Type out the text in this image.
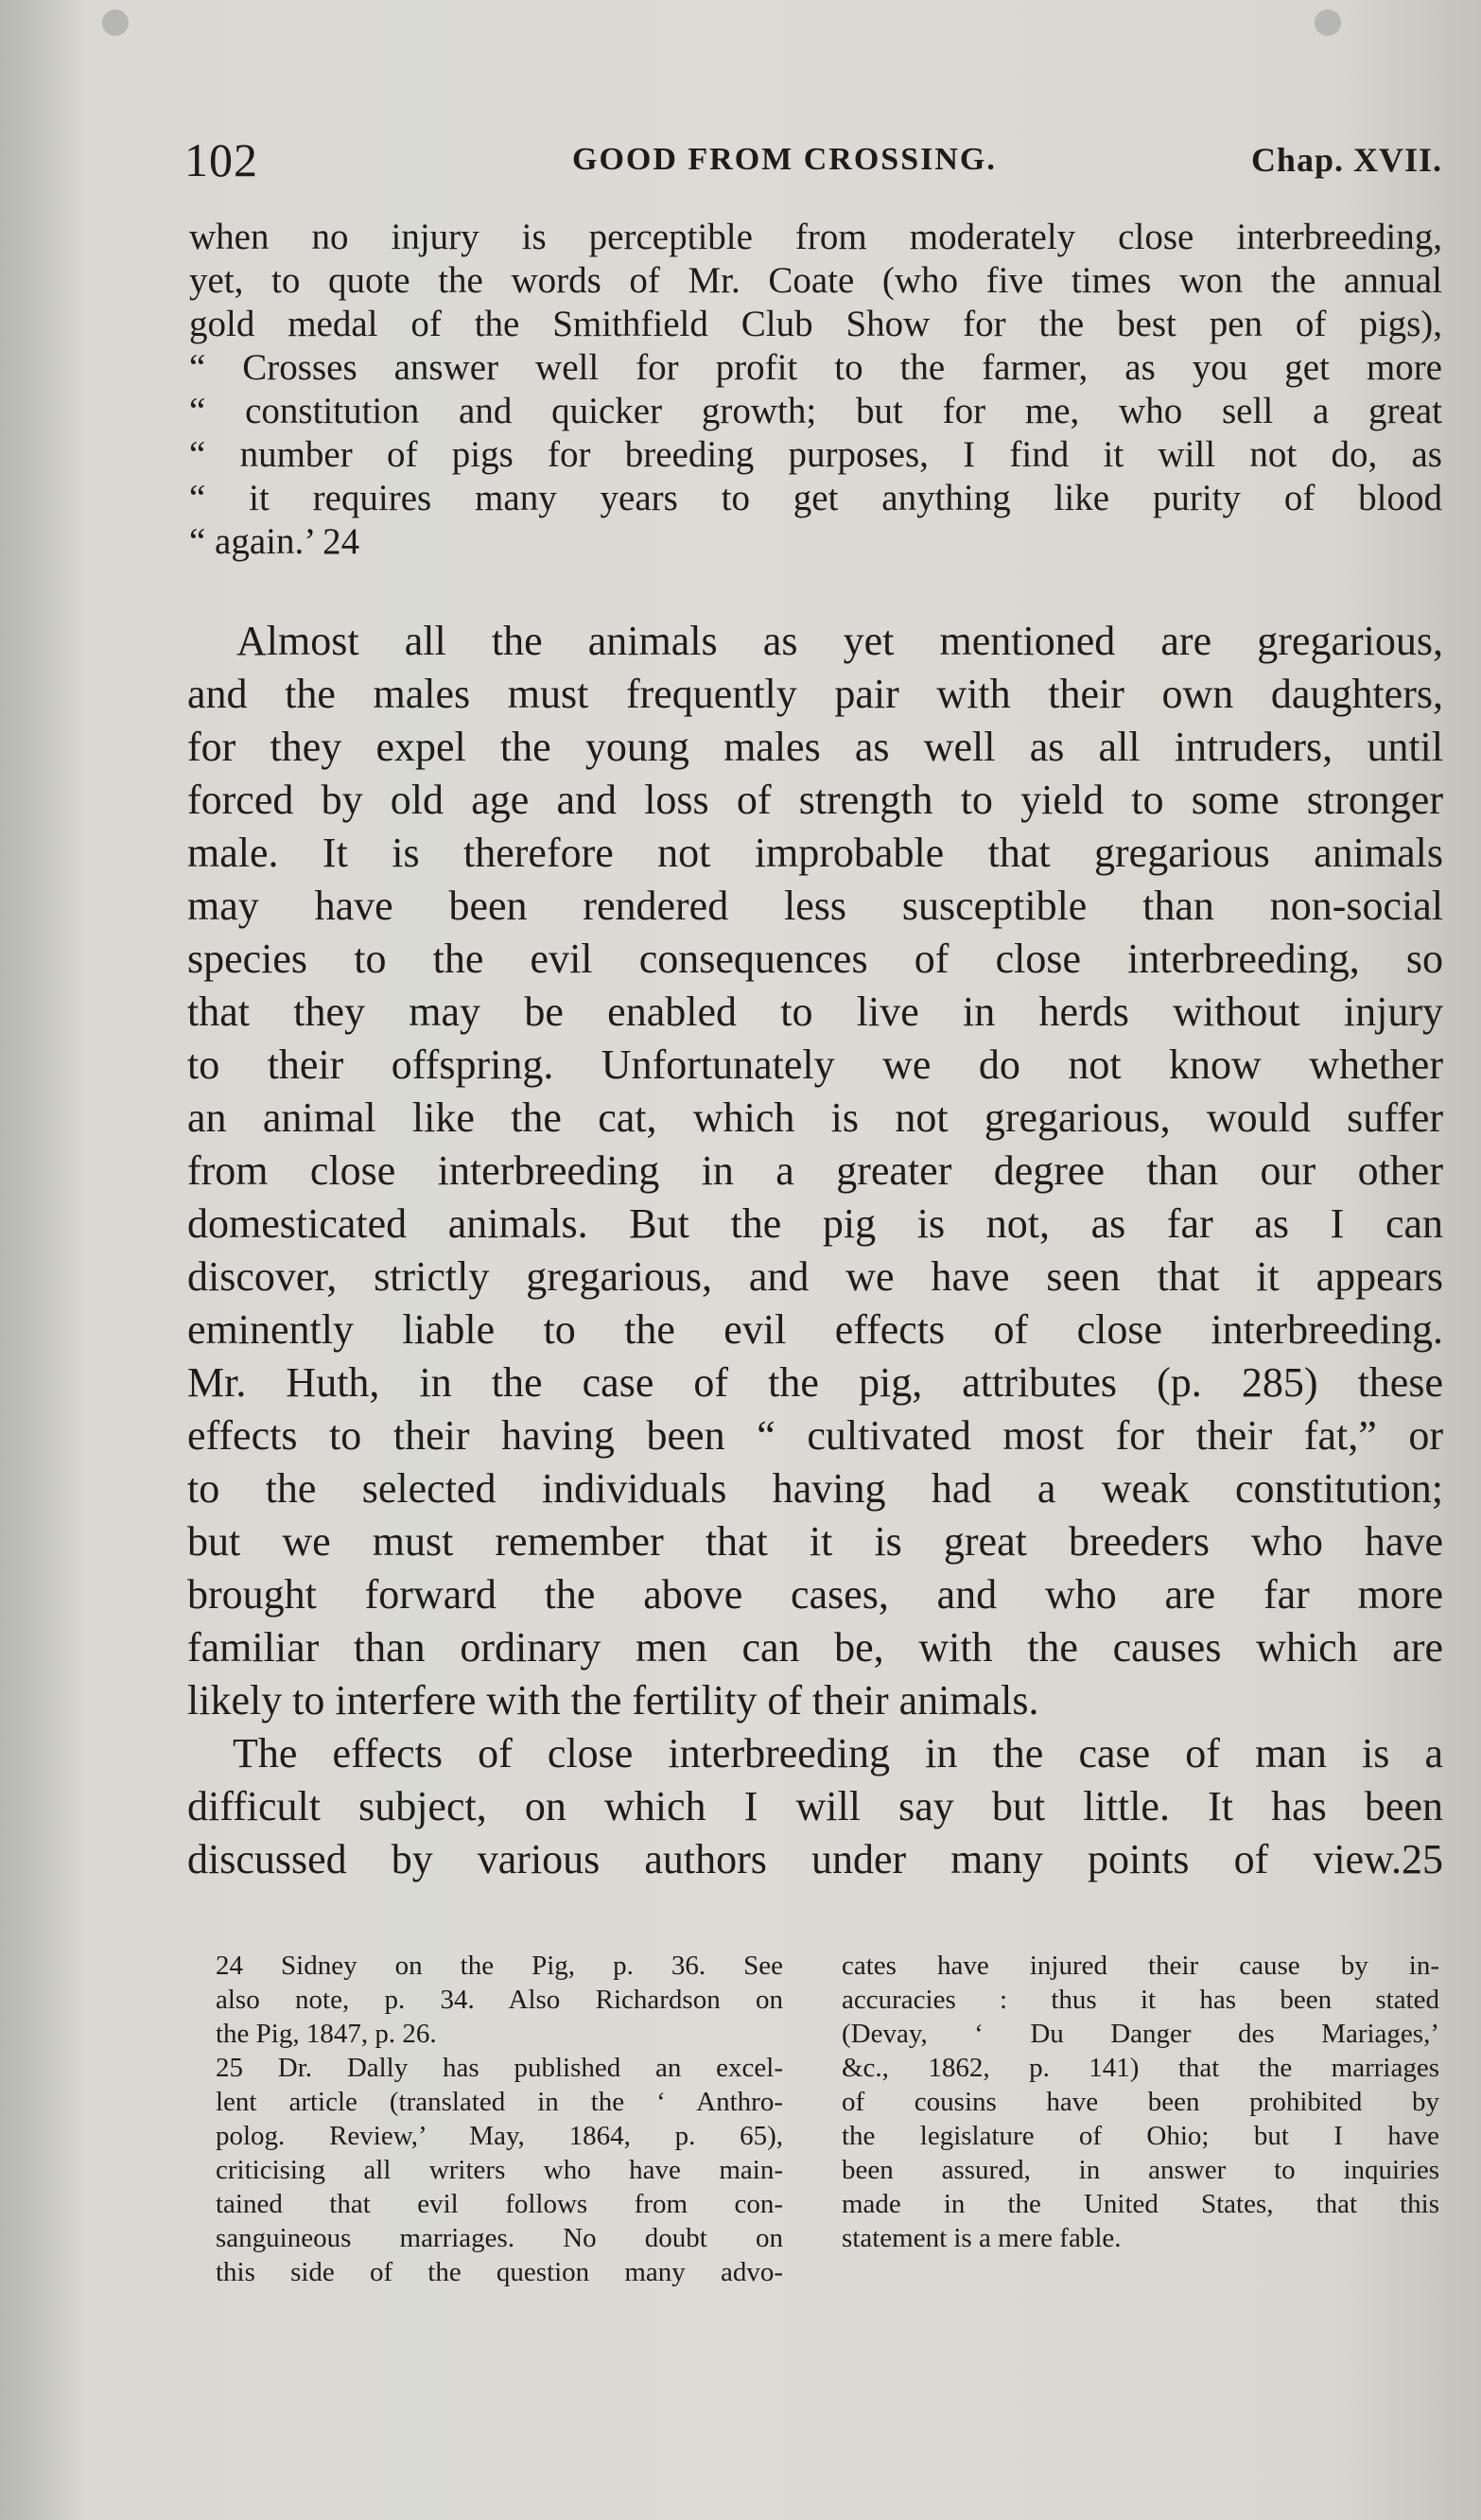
102	GOOD FROM CROSSING.	Chap. XVII.
when no injury is perceptible from moderately close interbreeding,
yet, to quote the words of Mr. Coate (who five times won the annual
gold medal of the Smithfield Club Show for the best pen of pigs),
“ Crosses answer well for profit to the farmer, as you get more
“ constitution and quicker growth; but for me, who sell a great
“ number of pigs for breeding purposes, I find it will not do, as
“ it requires many years to get anything like purity of blood
“ again.’ 24
Almost all the animals as yet mentioned are gregarious,
and the males must frequently pair with their own daughters,
for they expel the young males as well as all intruders, until
forced by old age and loss of strength to yield to some stronger
male. It is therefore not improbable that gregarious animals
may have been rendered less susceptible than non-social
species to the evil consequences of close interbreeding, so
that they may be enabled to live in herds without injury
to their offspring. Unfortunately we do not know whether
an animal like the cat, which is not gregarious, would suffer
from close interbreeding in a greater degree than our other
domesticated animals. But the pig is not, as far as I can
discover, strictly gregarious, and we have seen that it appears
eminently liable to the evil effects of close interbreeding.
Mr. Huth, in the case of the pig, attributes (p. 285) these
effects to their having been “ cultivated most for their fat,” or
to the selected individuals having had a weak constitution;
but we must remember that it is great breeders who have
brought forward the above cases, and who are far more
familiar than ordinary men can be, with the causes which are
likely to interfere with the fertility of their animals.
The effects of close interbreeding in the case of man is a
difficult subject, on which I will say but little. It has been
discussed by various authors under many points of view.25
24 Sidney on the Pig, p. 36. See
also note, p. 34. Also Richardson on
the Pig, 1847, p. 26.
25 Dr. Dally has published an excel-
lent article (translated in the ‘ Anthro-
polog. Review,’ May, 1864, p. 65),
criticising all writers who have main-
tained that evil follows from con-
sanguineous marriages. No doubt on
this side of the question many advo-
cates have injured their cause by in-
accuracies : thus it has been stated
(Devay, ‘ Du Danger des Mariages,’
&c., 1862, p. 141) that the marriages
of cousins have been prohibited by
the legislature of Ohio; but I have
been assured, in answer to inquiries
made in the United States, that this
statement is a mere fable.
